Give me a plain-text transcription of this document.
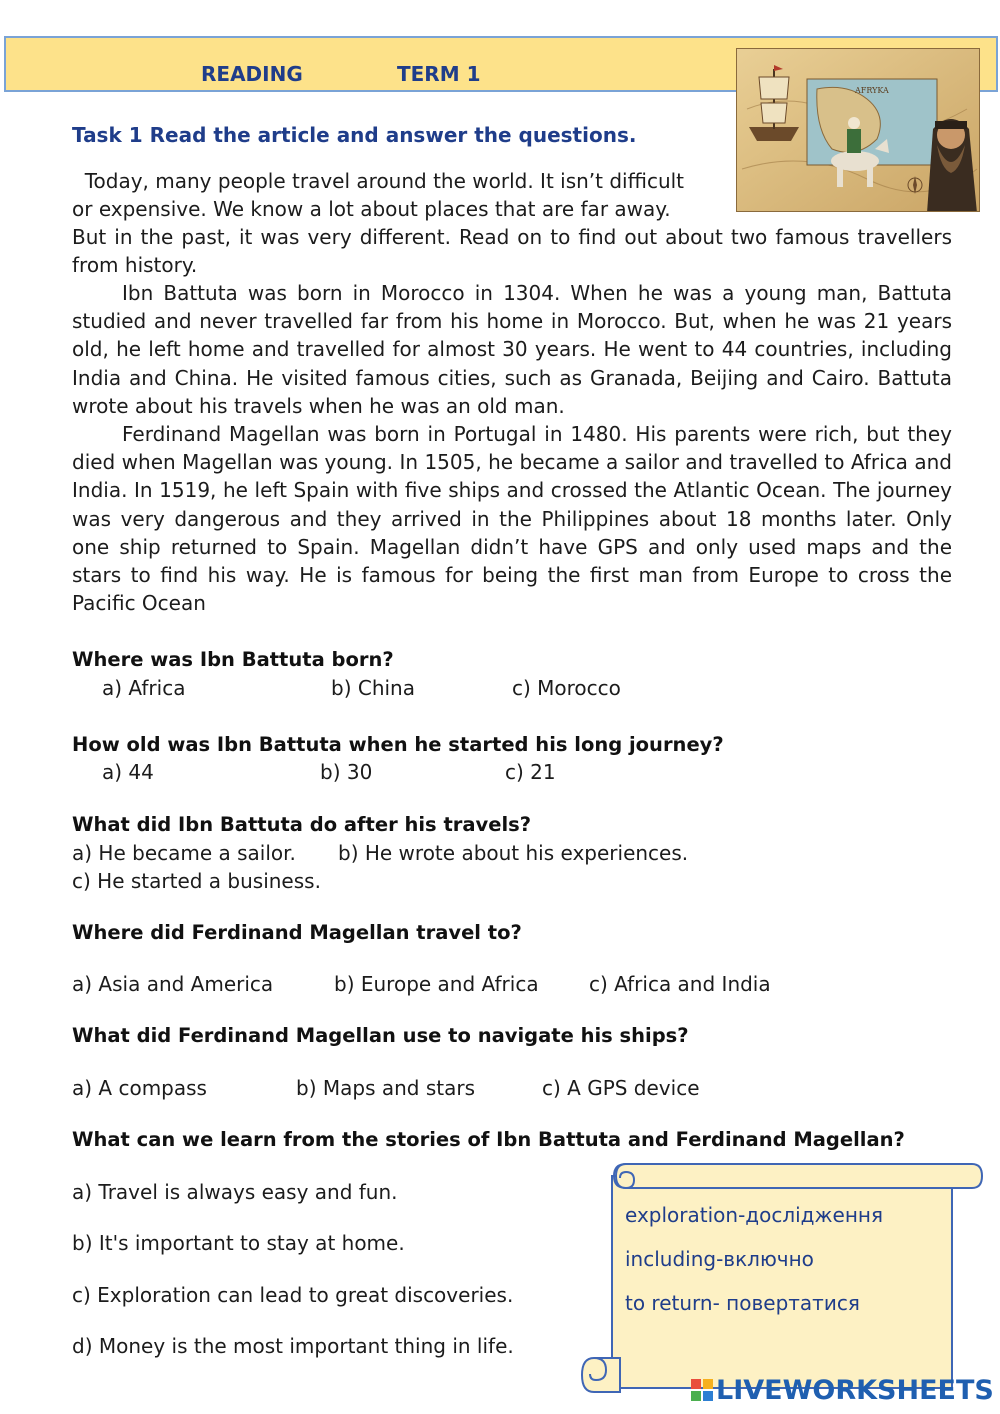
READING	TERM 1
AFRYKA
Task 1 Read the article and answer the questions.
Today, many people travel around the world. It isn’t difficult
or expensive. We know a lot about places that are far away.
But in the past, it was very different. Read on to find out about two famous travellers from history.
Ibn Battuta was born in Morocco in 1304. When he was a young man, Battuta studied and never travelled far from his home in Morocco. But, when he was 21 years old, he left home and travelled for almost 30 years. He went to 44 countries, including India and China. He visited famous cities, such as Granada, Beijing and Cairo. Battuta wrote about his travels when he was an old man.
Ferdinand Magellan was born in Portugal in 1480. His parents were rich, but they died when Magellan was young. In 1505, he became a sailor and travelled to Africa and India. In 1519, he left Spain with five ships and crossed the Atlantic Ocean. The journey was very dangerous and they arrived in the Philippines about 18 months later. Only one ship returned to Spain. Magellan didn’t have GPS and only used maps and the stars to find his way. He is famous for being the first man from Europe to cross the Pacific Ocean
Where was Ibn Battuta born?
a) Africa	b) China	c) Morocco
How old was Ibn Battuta when he started his long journey?
a) 44	b) 30	c) 21
What did Ibn Battuta do after his travels?
a) He became a sailor. b) He wrote about his experiences.
c) He started a business.
Where did Ferdinand Magellan travel to?
a) Asia and America	b) Europe and Africa	c) Africa and India
What did Ferdinand Magellan use to navigate his ships?
a) A compass	b) Maps and stars	c) A GPS device
What can we learn from the stories of Ibn Battuta and Ferdinand Magellan?
a) Travel is always easy and fun.
b) It's important to stay at home.
c) Exploration can lead to great discoveries.
d) Money is the most important thing in life.
exploration-дослідження
including-включно
to return- повертатися
LIVEWORKSHEETS
